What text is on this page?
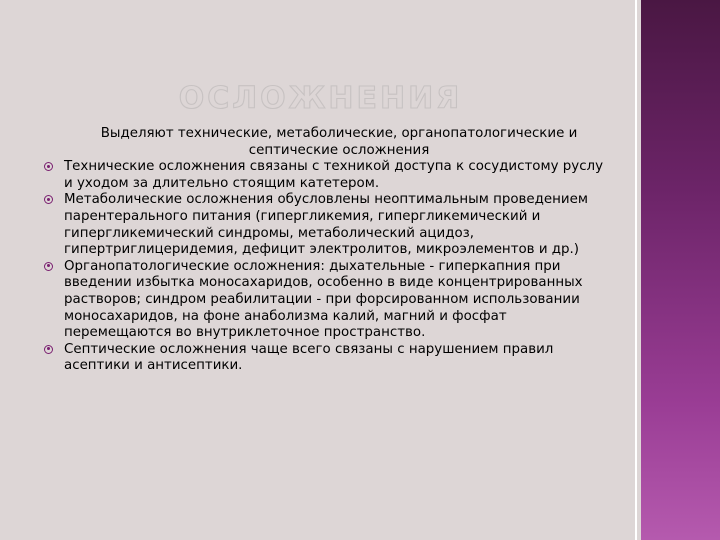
ОСЛОЖНЕНИЯ

Выделяют технические, метаболические, органопатологические и септические осложнения

Технические осложнения связаны с техникой доступа к сосудистому руслу и уходом за длительно стоящим катетером.
Метаболические осложнения обусловлены неоптимальным проведением парентерального питания (гипергликемия, гипергликемический и гипергликемический синдромы, метаболический ацидоз, гипертриглицеридемия, дефицит электролитов, микроэлементов и др.)
Органопатологические осложнения: дыхательные - гиперкапния при введении избытка моносахаридов, особенно в виде концентрированных растворов; синдром реабилитации - при форсированном использовании моносахаридов, на фоне анаболизма калий, магний и фосфат перемещаются во внутриклеточное пространство.
Септические осложнения чаще всего связаны с нарушением правил асептики и антисептики.
